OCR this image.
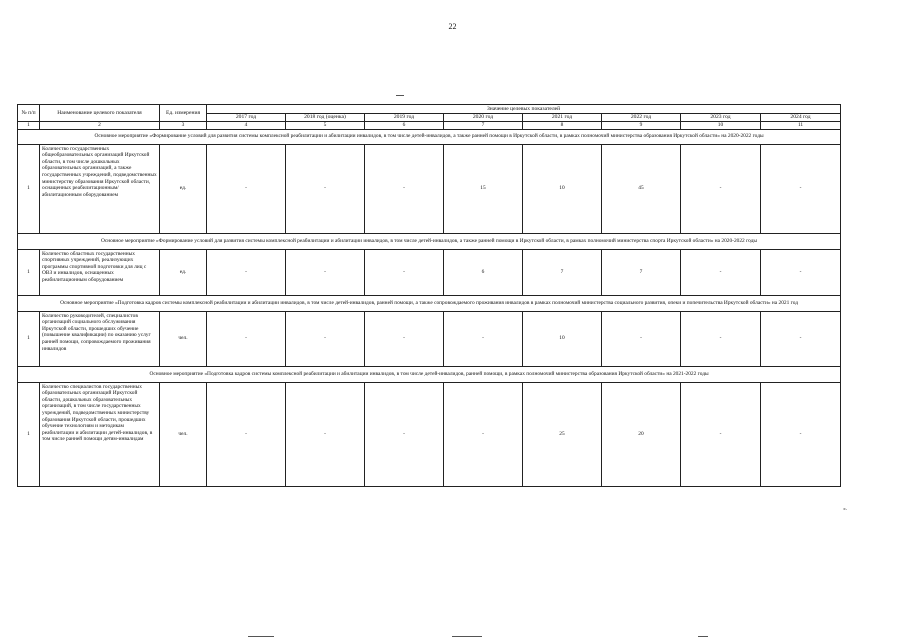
22
№ п/п	Наименование целевого показателя	Ед. измерения	Значение целевых показателей							
			2017 год	2018 год (оценка)	2019 год	2020 год	2021 год	2022 год	2023 год	2024 год
1	2	3	4	5	6	7	8	9	10	11
Основное мероприятие «Формирование условий для развития системы комплексной реабилитации и абилитации инвалидов, в том числе детей-инвалидов, а также ранней помощи в Иркутской области, в рамках полномочий министерства образования Иркутской области» на 2020-2022 годы										
1	Количество государственных общеобразовательных организаций Иркутской области, в том числе дошкольных образовательных организаций, а также государственных учреждений, подведомственных министерству образования Иркутской области, оснащенных реабилитационным/абилитационным оборудованием	ед.	-	-	-	15	10	45	-	-
Основное мероприятие «Формирование условий для развития системы комплексной реабилитации и абилитации инвалидов, в том числе детей-инвалидов, а также ранней помощи в Иркутской области, в рамках полномочий министерства спорта Иркутской области» на 2020-2022 годы										
1	Количество областных государственных спортивных учреждений, реализующих программы спортивной подготовки для лиц с ОВЗ и инвалидов, оснащенных реабилитационным оборудованием	ед.	-	-	-	6	7	7	-	-
Основное мероприятие «Подготовка кадров системы комплексной реабилитации и абилитации инвалидов, в том числе детей-инвалидов, ранней помощи, а также сопровождаемого проживания инвалидов в рамках полномочий министерства социального развития, опеки и попечительства Иркутской области» на 2021 год										
1	Количество руководителей, специалистов организаций социального обслуживания Иркутской области, прошедших обучение (повышение квалификации) по оказанию услуг ранней помощи, сопровождаемого проживания инвалидов	чел.	-	-	-	-	10	-	-	-
Основное мероприятие «Подготовка кадров системы комплексной реабилитации и абилитации инвалидов, в том числе детей-инвалидов, ранней помощи, в рамках полномочий министерства образования Иркутской области» на 2021-2022 годы										
1	Количество специалистов государственных образовательных организаций Иркутской области, дошкольных образовательных организаций, в том числе государственных учреждений, подведомственных министерству образования Иркутской области, прошедших обучение технологиям и методикам реабилитации и абилитации детей-инвалидов, в том числе ранней помощи детям-инвалидам	чел.	-	-	-	-	25	20	-	-
».
